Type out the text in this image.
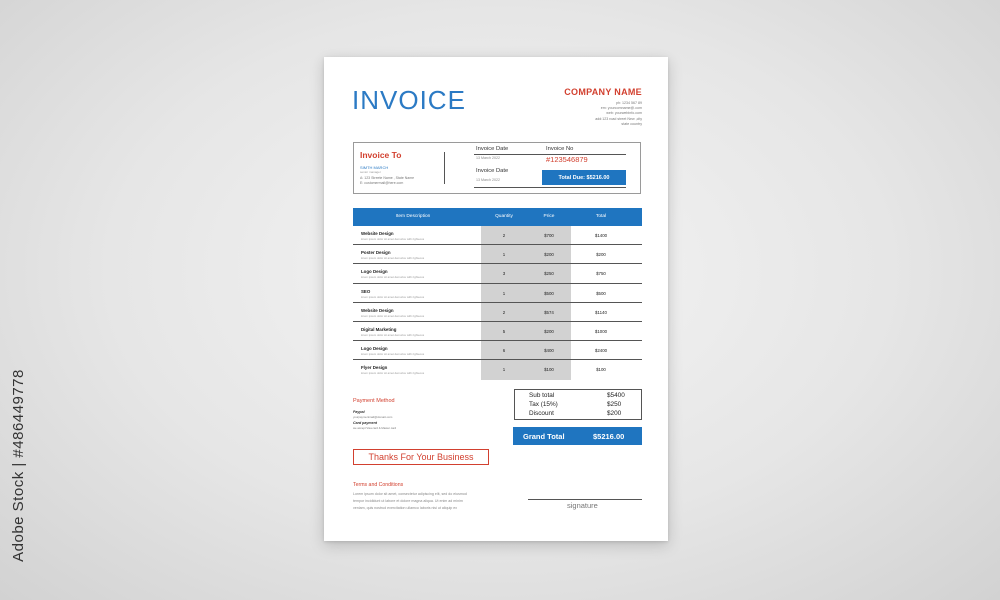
Adobe Stock | #486449778
INVOICE	COMPANY NAME
ph: 1234 567 89
em: yourcomname@.com
web: yourwebinfo.com
add:123 road street New ,city
state country
Invoice To
SIMTH MARCH
senior manager
A: 123 Streete Name , State Name
E: customermail@here.com
Invoice Date
13 March 2022
Invoice Date
13 March 2022
Invoice No
#123546879
Total Due: $5216.00
Item Description	Quantity	Price	Total
Website Design
lorem ipsum dolor sit amet demurice with righteous
2	$700	$1400
Poster Design
lorem ipsum dolor sit amet demurice with righteous
1	$200	$200
Logo Design
lorem ipsum dolor sit amet demurice with righteous
3	$250	$750
SEO
lorem ipsum dolor sit amet demurice with righteous
1	$500	$500
Website Design
lorem ipsum dolor sit amet demurice with righteous
2	$574	$1140
Digital Marketing
lorem ipsum dolor sit amet demurice with righteous
5	$200	$1000
Logo Design
lorem ipsum dolor sit amet demurice with righteous
6	$400	$2400
Flyer Design
lorem ipsum dolor sit amet demurice with righteous
1	$100	$100
Sub total	$5400
Tax (15%)	$250
Discount	$200
Grand Total	$5216.00
Payment Method
Paypal
yourpaymentmail@domain.com
Card payment
we accept Visa card & Master card
Thanks For Your Business
Terms and Conditions
Lorem ipsum dolor sit amet, consectetur adipiscing elit, sed do eiusmod
tempor incididunt ut labore et dolore magna aliqua. Ut enim ad minim
veniam, quis nostrud exercitation ullamco laboris nisi ut aliquip ex	signature
